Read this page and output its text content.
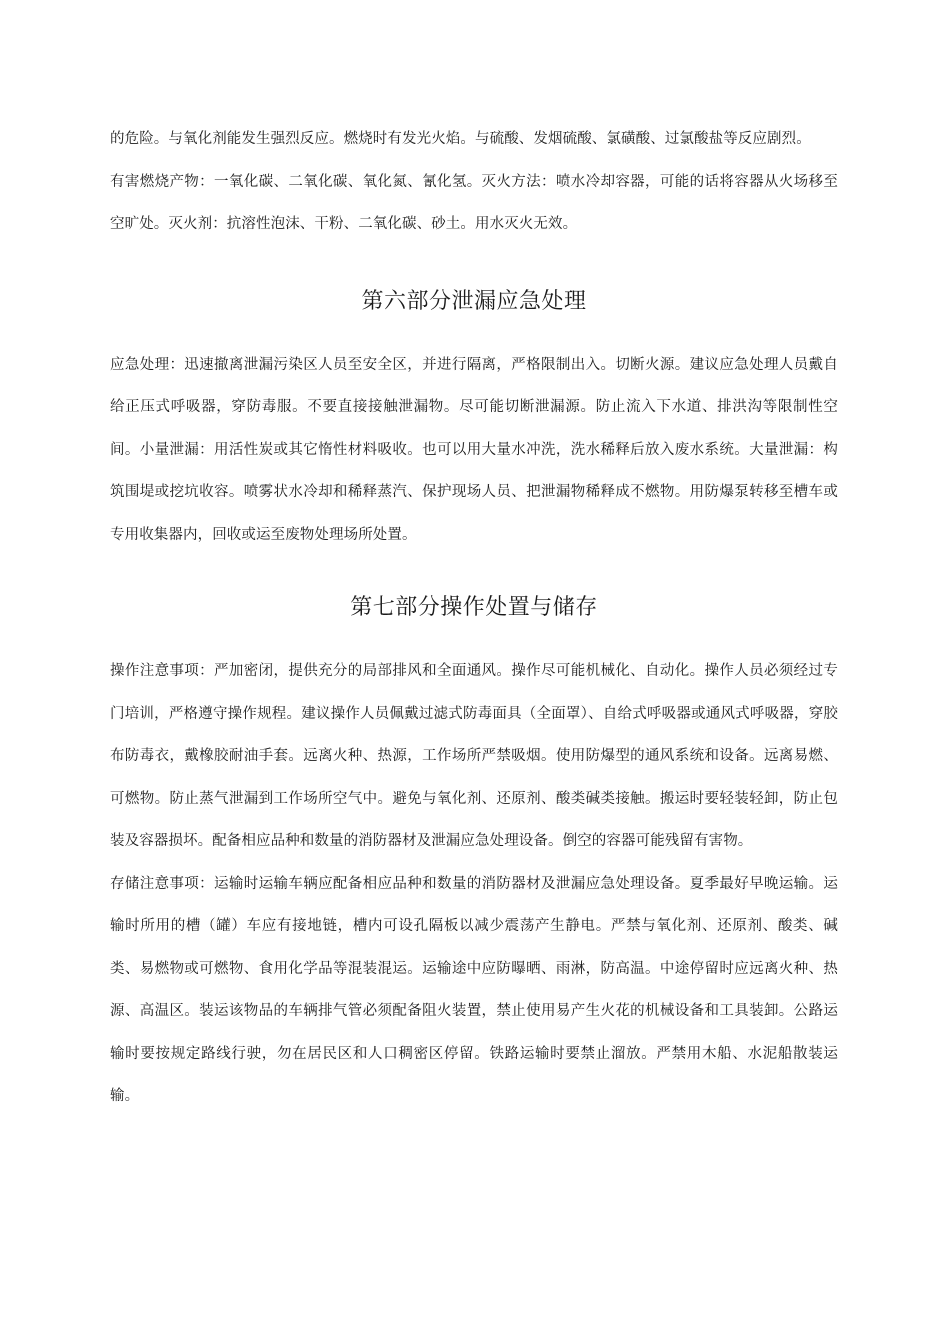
的危险。与氧化剂能发生强烈反应。燃烧时有发光火焰。与硫酸、发烟硫酸、氯磺酸、过氯酸盐等反应剧烈。

有害燃烧产物：一氧化碳、二氧化碳、氧化氮、氰化氢。灭火方法：喷水冷却容器，可能的话将容器从火场移至空旷处。灭火剂：抗溶性泡沫、干粉、二氧化碳、砂土。用水灭火无效。

第六部分泄漏应急处理

应急处理：迅速撤离泄漏污染区人员至安全区，并进行隔离，严格限制出入。切断火源。建议应急处理人员戴自给正压式呼吸器，穿防毒服。不要直接接触泄漏物。尽可能切断泄漏源。防止流入下水道、排洪沟等限制性空间。小量泄漏：用活性炭或其它惰性材料吸收。也可以用大量水冲洗，洗水稀释后放入废水系统。大量泄漏：构筑围堤或挖坑收容。喷雾状水冷却和稀释蒸汽、保护现场人员、把泄漏物稀释成不燃物。用防爆泵转移至槽车或专用收集器内，回收或运至废物处理场所处置。

第七部分操作处置与储存

操作注意事项：严加密闭，提供充分的局部排风和全面通风。操作尽可能机械化、自动化。操作人员必须经过专门培训，严格遵守操作规程。建议操作人员佩戴过滤式防毒面具（全面罩）、自给式呼吸器或通风式呼吸器，穿胶布防毒衣，戴橡胶耐油手套。远离火种、热源，工作场所严禁吸烟。使用防爆型的通风系统和设备。远离易燃、可燃物。防止蒸气泄漏到工作场所空气中。避免与氧化剂、还原剂、酸类碱类接触。搬运时要轻装轻卸，防止包装及容器损坏。配备相应品种和数量的消防器材及泄漏应急处理设备。倒空的容器可能残留有害物。

存储注意事项：运输时运输车辆应配备相应品种和数量的消防器材及泄漏应急处理设备。夏季最好早晚运输。运输时所用的槽（罐）车应有接地链，槽内可设孔隔板以减少震荡产生静电。严禁与氧化剂、还原剂、酸类、碱类、易燃物或可燃物、食用化学品等混装混运。运输途中应防曝晒、雨淋，防高温。中途停留时应远离火种、热源、高温区。装运该物品的车辆排气管必须配备阻火装置，禁止使用易产生火花的机械设备和工具装卸。公路运输时要按规定路线行驶，勿在居民区和人口稠密区停留。铁路运输时要禁止溜放。严禁用木船、水泥船散装运输。
